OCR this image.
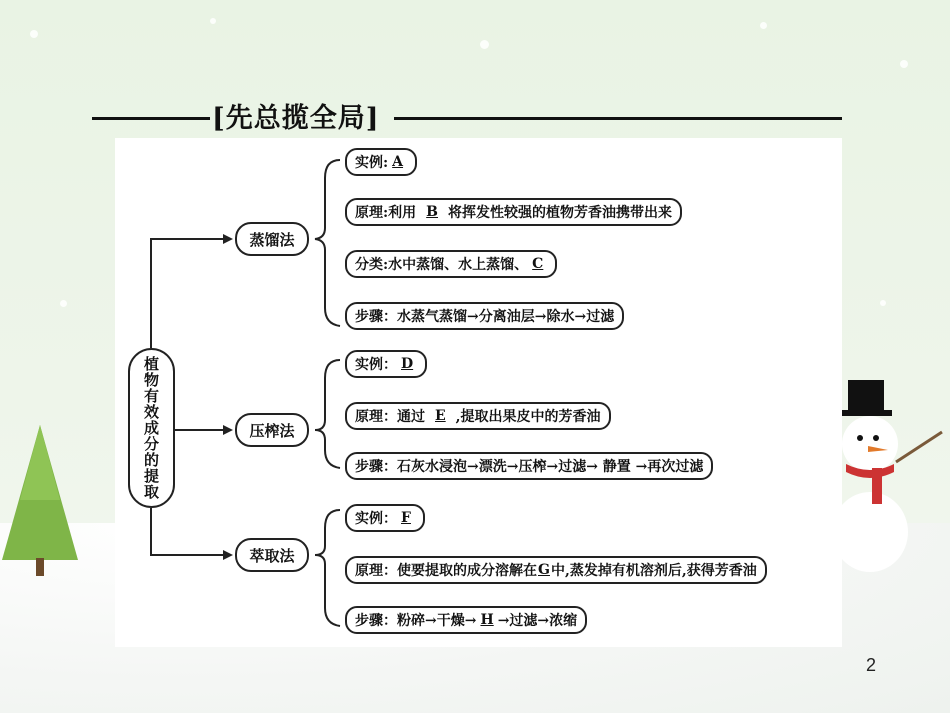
[先总揽全局]
植物有效成分的提取
蒸馏法
压榨法
萃取法
实例: A
原理:利用 B 将挥发性较强的植物芳香油携带出来
分类:水中蒸馏、水上蒸馏、 C
步骤：水蒸气蒸馏→分离油层→除水→过滤
实例： D
原理：通过 E ,提取出果皮中的芳香油
步骤：石灰水浸泡→漂洗→压榨→过滤→ 静置 →再次过滤
实例： F
原理：使要提取的成分溶解在 G 中,蒸发掉有机溶剂后,获得芳香油
步骤：粉碎→干燥→ H →过滤→浓缩
2
